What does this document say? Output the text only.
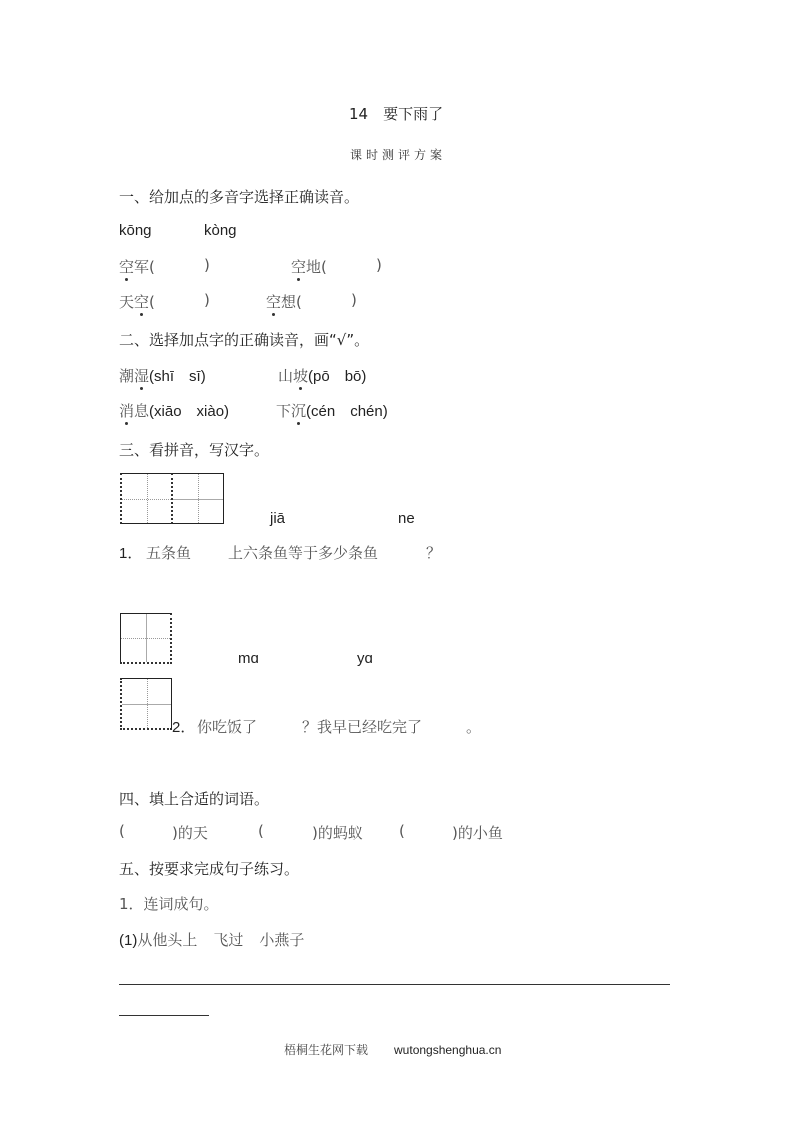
14　要下雨了
课时测评方案
一、给加点的多音字选择正确读音。
kōng	kòng
空军(	)	空地(	)
天空(	)	空想(	)
二、选择加点字的正确读音，画“√”。
潮湿(shī　sī)	山坡(pō　bō)
消息(xiāo　xiào)	下沉(cén　chén)
三、看拼音，写汉字。
jiā	ne
1． 五条鱼 上六条鱼等于多少条鱼	？
mɑ	yɑ
2． 你吃饭了	？我早已经吃完了	。
四、填上合适的词语。
(	)的天	(	)的蚂蚁 (	)的小鱼
五、按要求完成句子练习。
1．连词成句。
(1)从他头上 飞过 小燕子
梧桐生花网下载 wutongshenghua.cn
